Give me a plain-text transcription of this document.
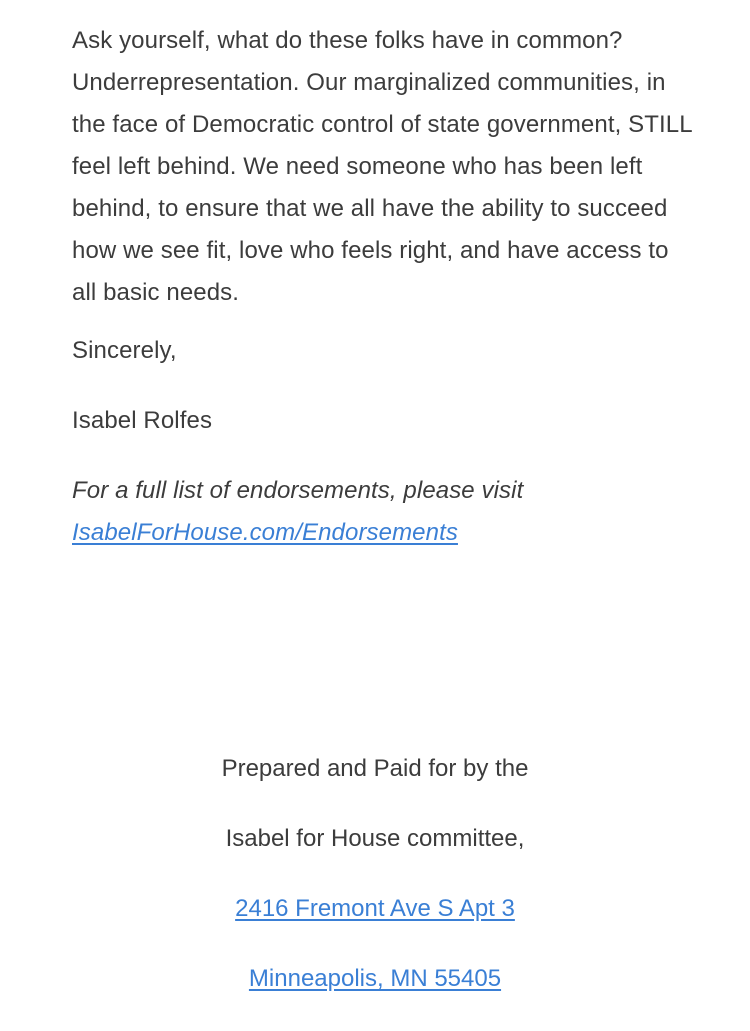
Ask yourself, what do these folks have in common? Underrepresentation. Our marginalized communities, in the face of Democratic control of state government, STILL feel left behind. We need someone who has been left behind, to ensure that we all have the ability to succeed how we see fit, love who feels right, and have access to all basic needs.

Sincerely,

Isabel Rolfes

For a full list of endorsements, please visit
IsabelForHouse.com/Endorsements

Prepared and Paid for by the

Isabel for House committee,

2416 Fremont Ave S Apt 3

Minneapolis, MN 55405
